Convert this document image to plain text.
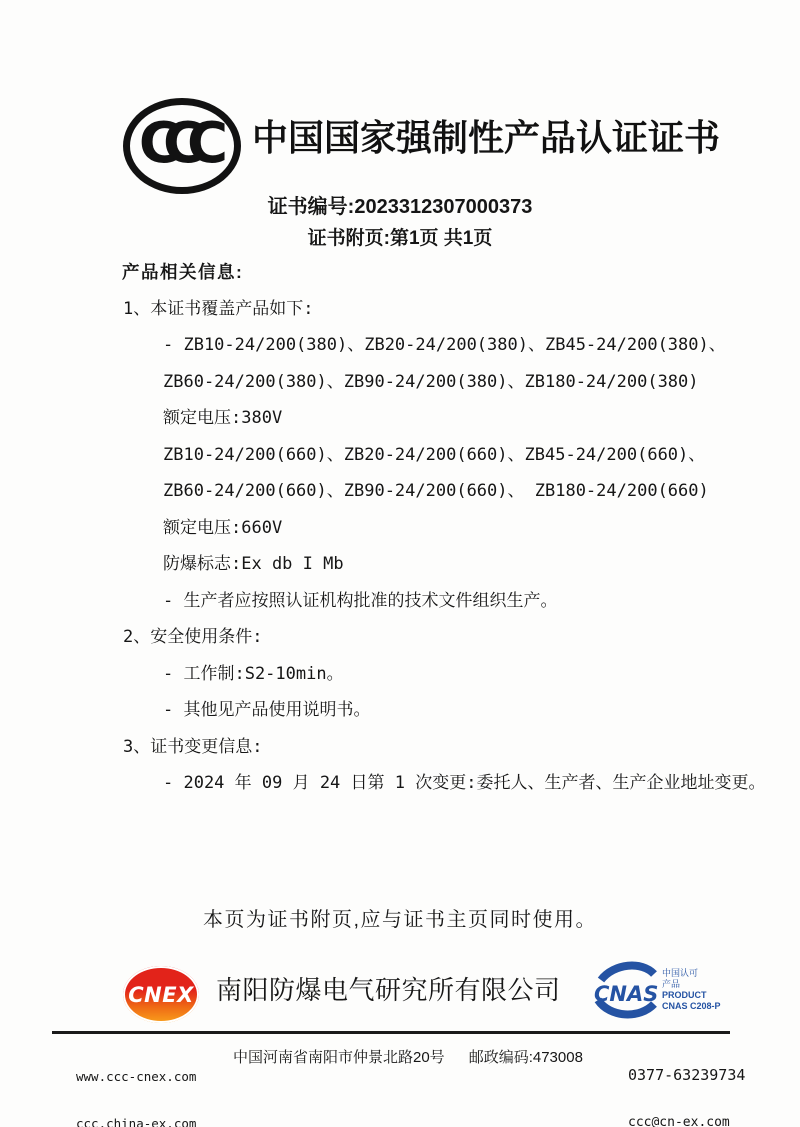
CCC	中国国家强制性产品认证证书
证书编号:2023312307000373
证书附页:第1页 共1页
产品相关信息:
1、本证书覆盖产品如下:
- ZB10-24/200(380)、ZB20-24/200(380)、ZB45-24/200(380)、
ZB60-24/200(380)、ZB90-24/200(380)、ZB180-24/200(380)
额定电压:380V
ZB10-24/200(660)、ZB20-24/200(660)、ZB45-24/200(660)、
ZB60-24/200(660)、ZB90-24/200(660)、 ZB180-24/200(660)
额定电压:660V
防爆标志:Ex db I Mb
- 生产者应按照认证机构批准的技术文件组织生产。
2、安全使用条件:
- 工作制:S2-10min。
- 其他见产品使用说明书。
3、证书变更信息:
- 2024 年 09 月 24 日第 1 次变更:委托人、生产者、生产企业地址变更。
本页为证书附页,应与证书主页同时使用。
CNEX 南阳防爆电气研究所有限公司 CNAS
中国认可
产品
PRODUCT
CNAS C208-P

www.ccc-cnex.com

ccc.china-ex.com

中国河南省南阳市仲景北路20号 邮政编码:473008

0377-63239734

ccc@cn-ex.com
